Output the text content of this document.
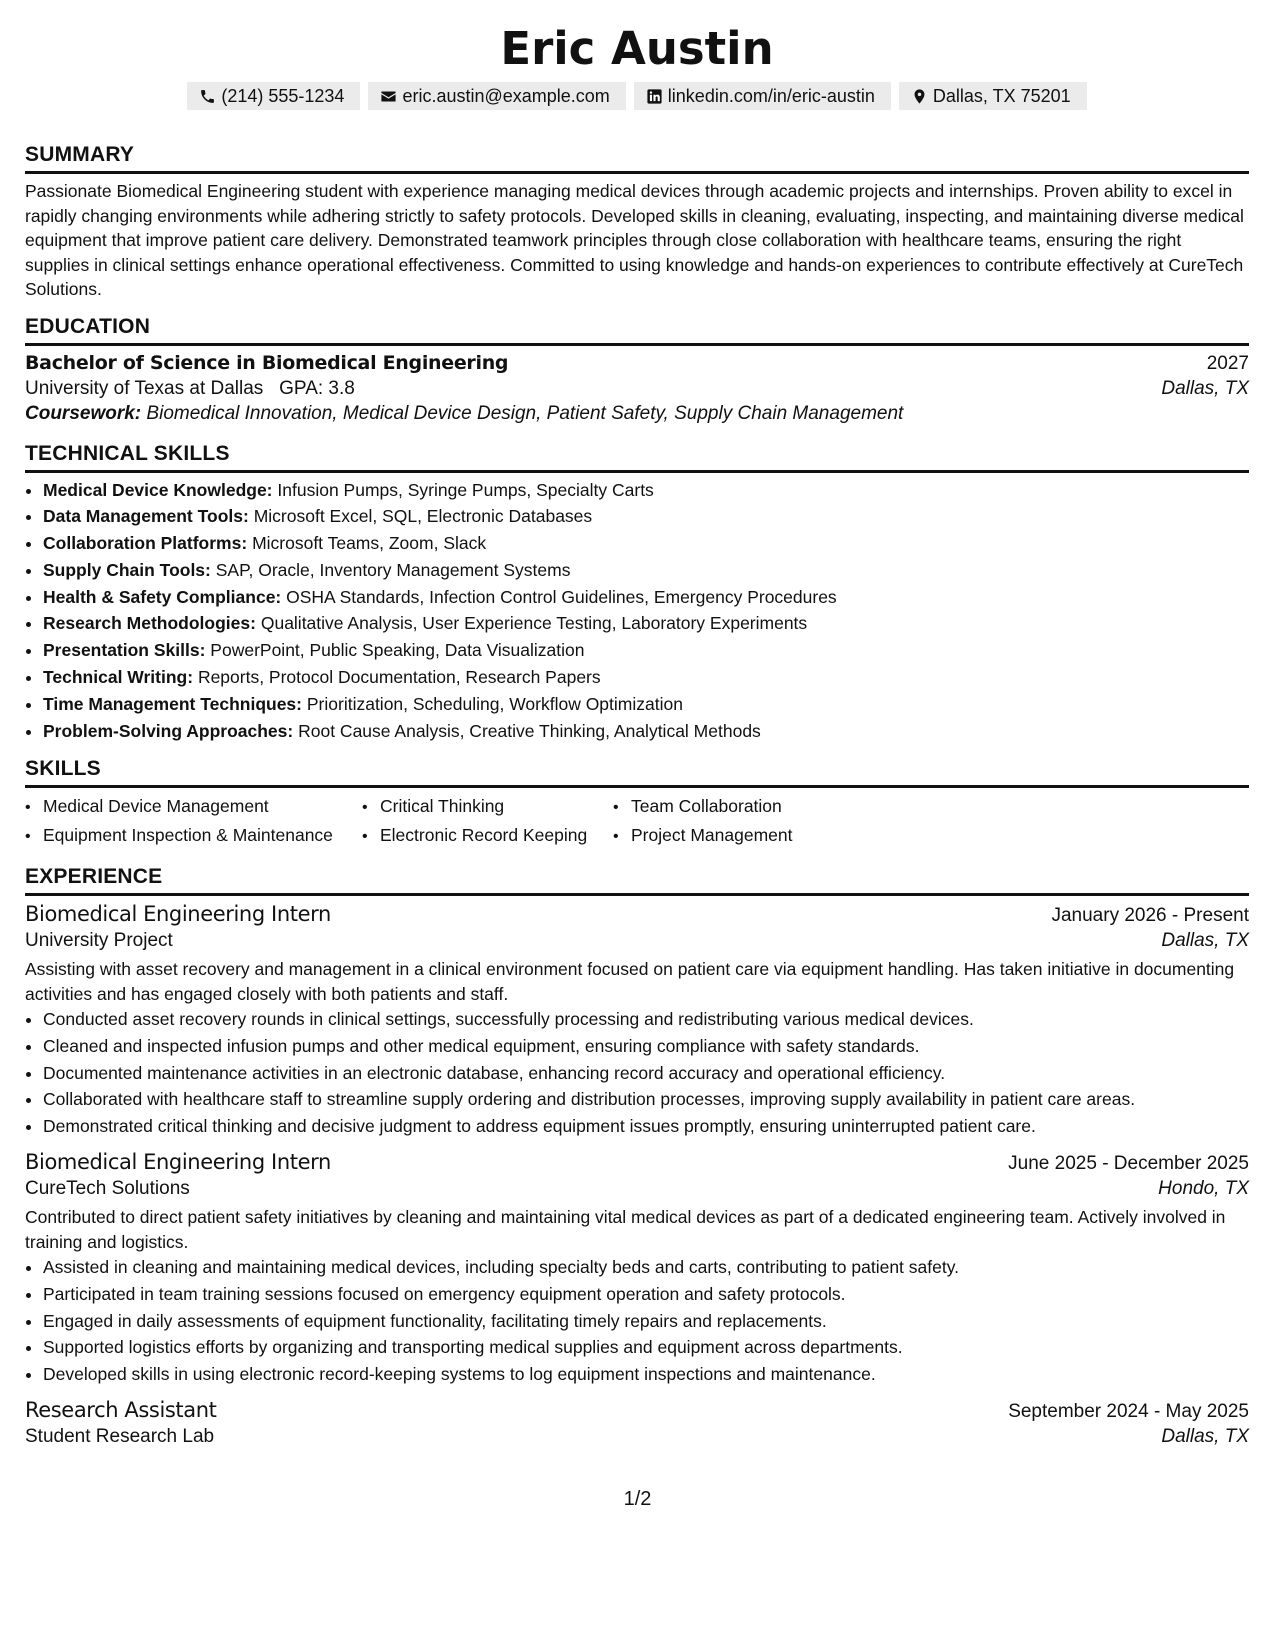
Eric Austin
(214) 555-1234	eric.austin@example.com	linkedin.com/in/eric-austin	Dallas, TX 75201
SUMMARY

Passionate Biomedical Engineering student with experience managing medical devices through academic projects and internships. Proven ability to excel in rapidly changing environments while adhering strictly to safety protocols. Developed skills in cleaning, evaluating, inspecting, and maintaining diverse medical equipment that improve patient care delivery. Demonstrated teamwork principles through close collaboration with healthcare teams, ensuring the right supplies in clinical settings enhance operational effectiveness. Committed to using knowledge and hands-on experiences to contribute effectively at CureTech Solutions.

EDUCATION
Bachelor of Science in Biomedical Engineering	2027
University of Texas at Dallas GPA: 3.8	Dallas, TX
Coursework: Biomedical Innovation, Medical Device Design, Patient Safety, Supply Chain Management
TECHNICAL SKILLS
• Medical Device Knowledge: Infusion Pumps, Syringe Pumps, Specialty Carts
• Data Management Tools: Microsoft Excel, SQL, Electronic Databases
• Collaboration Platforms: Microsoft Teams, Zoom, Slack
• Supply Chain Tools: SAP, Oracle, Inventory Management Systems
• Health & Safety Compliance: OSHA Standards, Infection Control Guidelines, Emergency Procedures
• Research Methodologies: Qualitative Analysis, User Experience Testing, Laboratory Experiments
• Presentation Skills: PowerPoint, Public Speaking, Data Visualization
• Technical Writing: Reports, Protocol Documentation, Research Papers
• Time Management Techniques: Prioritization, Scheduling, Workflow Optimization
• Problem-Solving Approaches: Root Cause Analysis, Creative Thinking, Analytical Methods
SKILLS
• Medical Device Management	• Critical Thinking	• Team Collaboration
• Equipment Inspection & Maintenance	• Electronic Record Keeping	• Project Management
EXPERIENCE
Biomedical Engineering Intern	January 2026 - Present
University Project	Dallas, TX

Assisting with asset recovery and management in a clinical environment focused on patient care via equipment handling. Has taken initiative in documenting activities and has engaged closely with both patients and staff.

• Conducted asset recovery rounds in clinical settings, successfully processing and redistributing various medical devices.
• Cleaned and inspected infusion pumps and other medical equipment, ensuring compliance with safety standards.
• Documented maintenance activities in an electronic database, enhancing record accuracy and operational efficiency.
• Collaborated with healthcare staff to streamline supply ordering and distribution processes, improving supply availability in patient care areas.
• Demonstrated critical thinking and decisive judgment to address equipment issues promptly, ensuring uninterrupted patient care.
Biomedical Engineering Intern	June 2025 - December 2025
CureTech Solutions	Hondo, TX

Contributed to direct patient safety initiatives by cleaning and maintaining vital medical devices as part of a dedicated engineering team. Actively involved in training and logistics.

• Assisted in cleaning and maintaining medical devices, including specialty beds and carts, contributing to patient safety.
• Participated in team training sessions focused on emergency equipment operation and safety protocols.
• Engaged in daily assessments of equipment functionality, facilitating timely repairs and replacements.
• Supported logistics efforts by organizing and transporting medical supplies and equipment across departments.
• Developed skills in using electronic record-keeping systems to log equipment inspections and maintenance.
Research Assistant	September 2024 - May 2025
Student Research Lab	Dallas, TX
1/2
